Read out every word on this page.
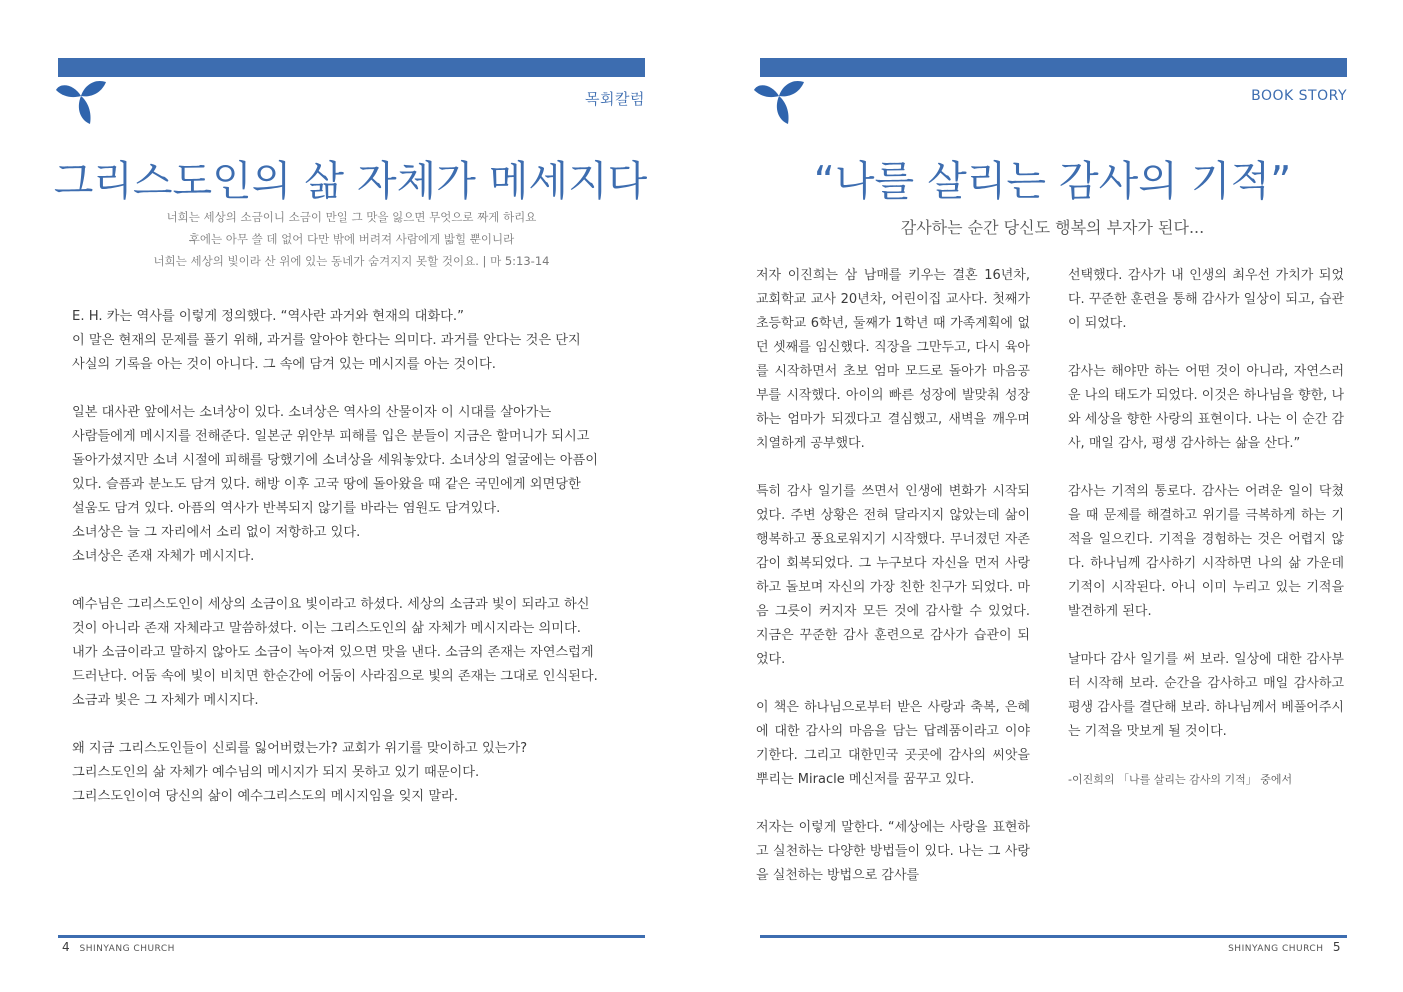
목회칼럼
그리스도인의 삶 자체가 메세지다
너희는 세상의 소금이니 소금이 만일 그 맛을 잃으면 무엇으로 짜게 하리요
후에는 아무 쓸 데 없어 다만 밖에 버려져 사람에게 밟힐 뿐이니라
너희는 세상의 빛이라 산 위에 있는 동네가 숨겨지지 못할 것이요. | 마 5:13-14

E. H. 카는 역사를 이렇게 정의했다. “역사란 과거와 현재의 대화다.”
이 말은 현재의 문제를 풀기 위해, 과거를 알아야 한다는 의미다. 과거를 안다는 것은 단지
사실의 기록을 아는 것이 아니다. 그 속에 담겨 있는 메시지를 아는 것이다.

일본 대사관 앞에서는 소녀상이 있다. 소녀상은 역사의 산물이자 이 시대를 살아가는
사람들에게 메시지를 전해준다. 일본군 위안부 피해를 입은 분들이 지금은 할머니가 되시고
돌아가셨지만 소녀 시절에 피해를 당했기에 소녀상을 세워놓았다. 소녀상의 얼굴에는 아픔이
있다. 슬픔과 분노도 담겨 있다. 해방 이후 고국 땅에 돌아왔을 때 같은 국민에게 외면당한
설움도 담겨 있다. 아픔의 역사가 반복되지 않기를 바라는 염원도 담겨있다.
소녀상은 늘 그 자리에서 소리 없이 저항하고 있다.
소녀상은 존재 자체가 메시지다.

예수님은 그리스도인이 세상의 소금이요 빛이라고 하셨다. 세상의 소금과 빛이 되라고 하신
것이 아니라 존재 자체라고 말씀하셨다. 이는 그리스도인의 삶 자체가 메시지라는 의미다.
내가 소금이라고 말하지 않아도 소금이 녹아져 있으면 맛을 낸다. 소금의 존재는 자연스럽게
드러난다. 어둠 속에 빛이 비치면 한순간에 어둠이 사라짐으로 빛의 존재는 그대로 인식된다.
소금과 빛은 그 자체가 메시지다.

왜 지금 그리스도인들이 신뢰를 잃어버렸는가? 교회가 위기를 맞이하고 있는가?
그리스도인의 삶 자체가 예수님의 메시지가 되지 못하고 있기 때문이다.
그리스도인이여 당신의 삶이 예수그리스도의 메시지임을 잊지 말라.

4 SHINYANG CHURCH
BOOK STORY
“나를 살리는 감사의 기적”
감사하는 순간 당신도 행복의 부자가 된다...

저자 이진희는 삼 남매를 키우는 결혼 16년차, 교회학교 교사 20년차, 어린이집 교사다. 첫째가 초등학교 6학년, 둘째가 1학년 때 가족계획에 없던 셋째를 임신했다. 직장을 그만두고, 다시 육아를 시작하면서 초보 엄마 모드로 돌아가 마음공부를 시작했다. 아이의 빠른 성장에 발맞춰 성장하는 엄마가 되겠다고 결심했고, 새벽을 깨우며 치열하게 공부했다.

특히 감사 일기를 쓰면서 인생에 변화가 시작되었다. 주변 상황은 전혀 달라지지 않았는데 삶이 행복하고 풍요로워지기 시작했다. 무너졌던 자존감이 회복되었다. 그 누구보다 자신을 먼저 사랑하고 돌보며 자신의 가장 친한 친구가 되었다. 마음 그릇이 커지자 모든 것에 감사할 수 있었다. 지금은 꾸준한 감사 훈련으로 감사가 습관이 되었다.

이 책은 하나님으로부터 받은 사랑과 축복, 은혜에 대한 감사의 마음을 담는 답례품이라고 이야기한다. 그리고 대한민국 곳곳에 감사의 씨앗을 뿌리는 Miracle 메신저를 꿈꾸고 있다.

저자는 이렇게 말한다. “세상에는 사랑을 표현하고 실천하는 다양한 방법들이 있다. 나는 그 사랑을 실천하는 방법으로 감사를

선택했다. 감사가 내 인생의 최우선 가치가 되었다. 꾸준한 훈련을 통해 감사가 일상이 되고, 습관이 되었다.

감사는 해야만 하는 어떤 것이 아니라, 자연스러운 나의 태도가 되었다. 이것은 하나님을 향한, 나와 세상을 향한 사랑의 표현이다. 나는 이 순간 감사, 매일 감사, 평생 감사하는 삶을 산다.”

감사는 기적의 통로다. 감사는 어려운 일이 닥쳤을 때 문제를 해결하고 위기를 극복하게 하는 기적을 일으킨다. 기적을 경험하는 것은 어렵지 않다. 하나님께 감사하기 시작하면 나의 삶 가운데 기적이 시작된다. 아니 이미 누리고 있는 기적을 발견하게 된다.

날마다 감사 일기를 써 보라. 일상에 대한 감사부터 시작해 보라. 순간을 감사하고 매일 감사하고 평생 감사를 결단해 보라. 하나님께서 베풀어주시는 기적을 맛보게 될 것이다.

-이진희의 「나를 살리는 감사의 기적」 중에서
SHINYANG CHURCH 5
